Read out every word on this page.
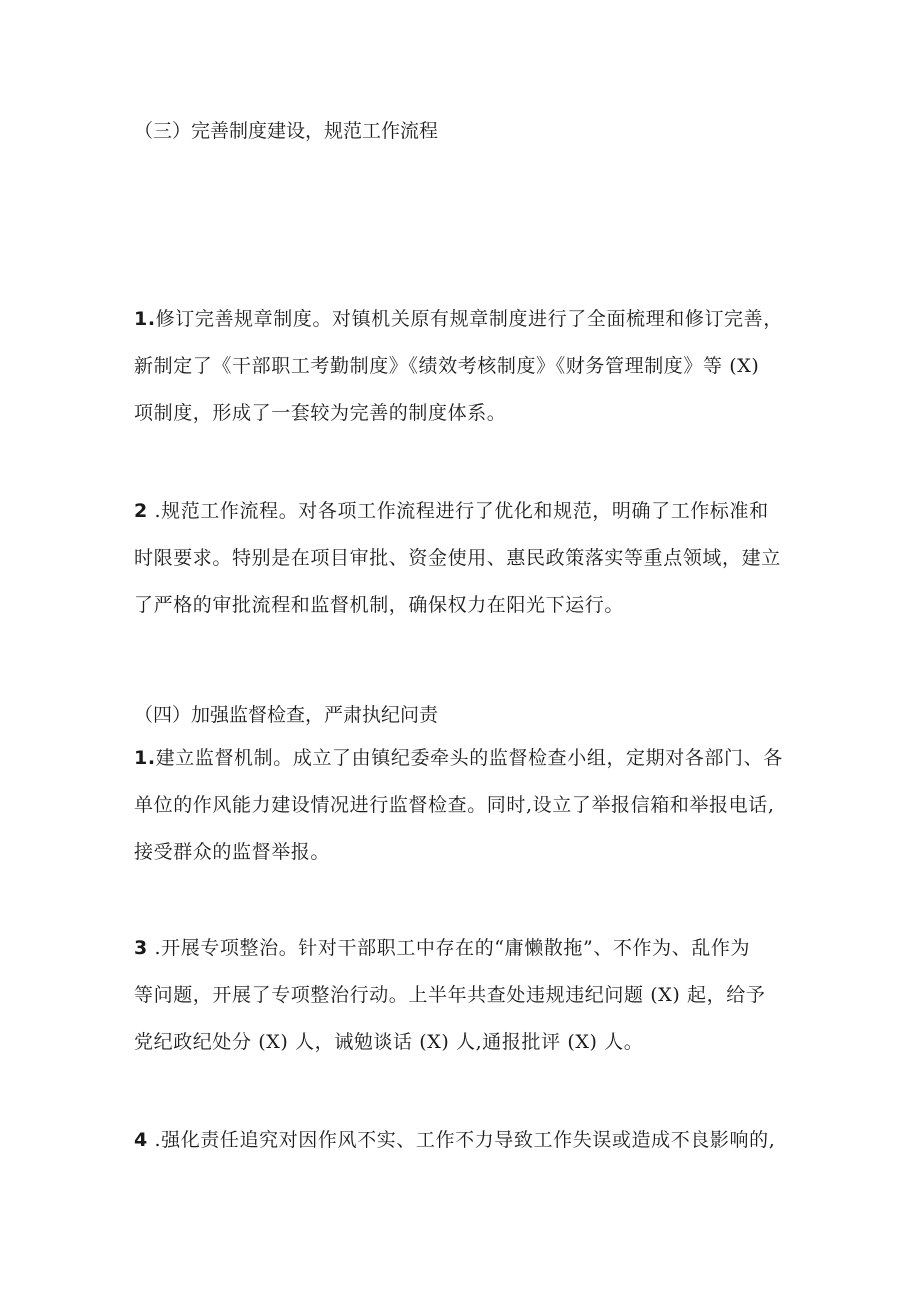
（三）完善制度建设，规范工作流程
1.修订完善规章制度。对镇机关原有规章制度进行了全面梳理和修订完善，
新制定了《干部职工考勤制度》《绩效考核制度》《财务管理制度》等 (X)
项制度，形成了一套较为完善的制度体系。
2 .规范工作流程。对各项工作流程进行了优化和规范，明确了工作标准和
时限要求。特别是在项目审批、资金使用、惠民政策落实等重点领域，建立
了严格的审批流程和监督机制，确保权力在阳光下运行。
（四）加强监督检查，严肃执纪问责
1.建立监督机制。成立了由镇纪委牵头的监督检查小组，定期对各部门、各
单位的作风能力建设情况进行监督检查。同时,设立了举报信箱和举报电话,
接受群众的监督举报。
3 .开展专项整治。针对干部职工中存在的“庸懒散拖”、不作为、乱作为
等问题，开展了专项整治行动。上半年共查处违规违纪问题 (X) 起，给予
党纪政纪处分 (X) 人，诫勉谈话 (X) 人,通报批评 (X) 人。
4 .强化责任追究对因作风不实、工作不力导致工作失误或造成不良影响的,
